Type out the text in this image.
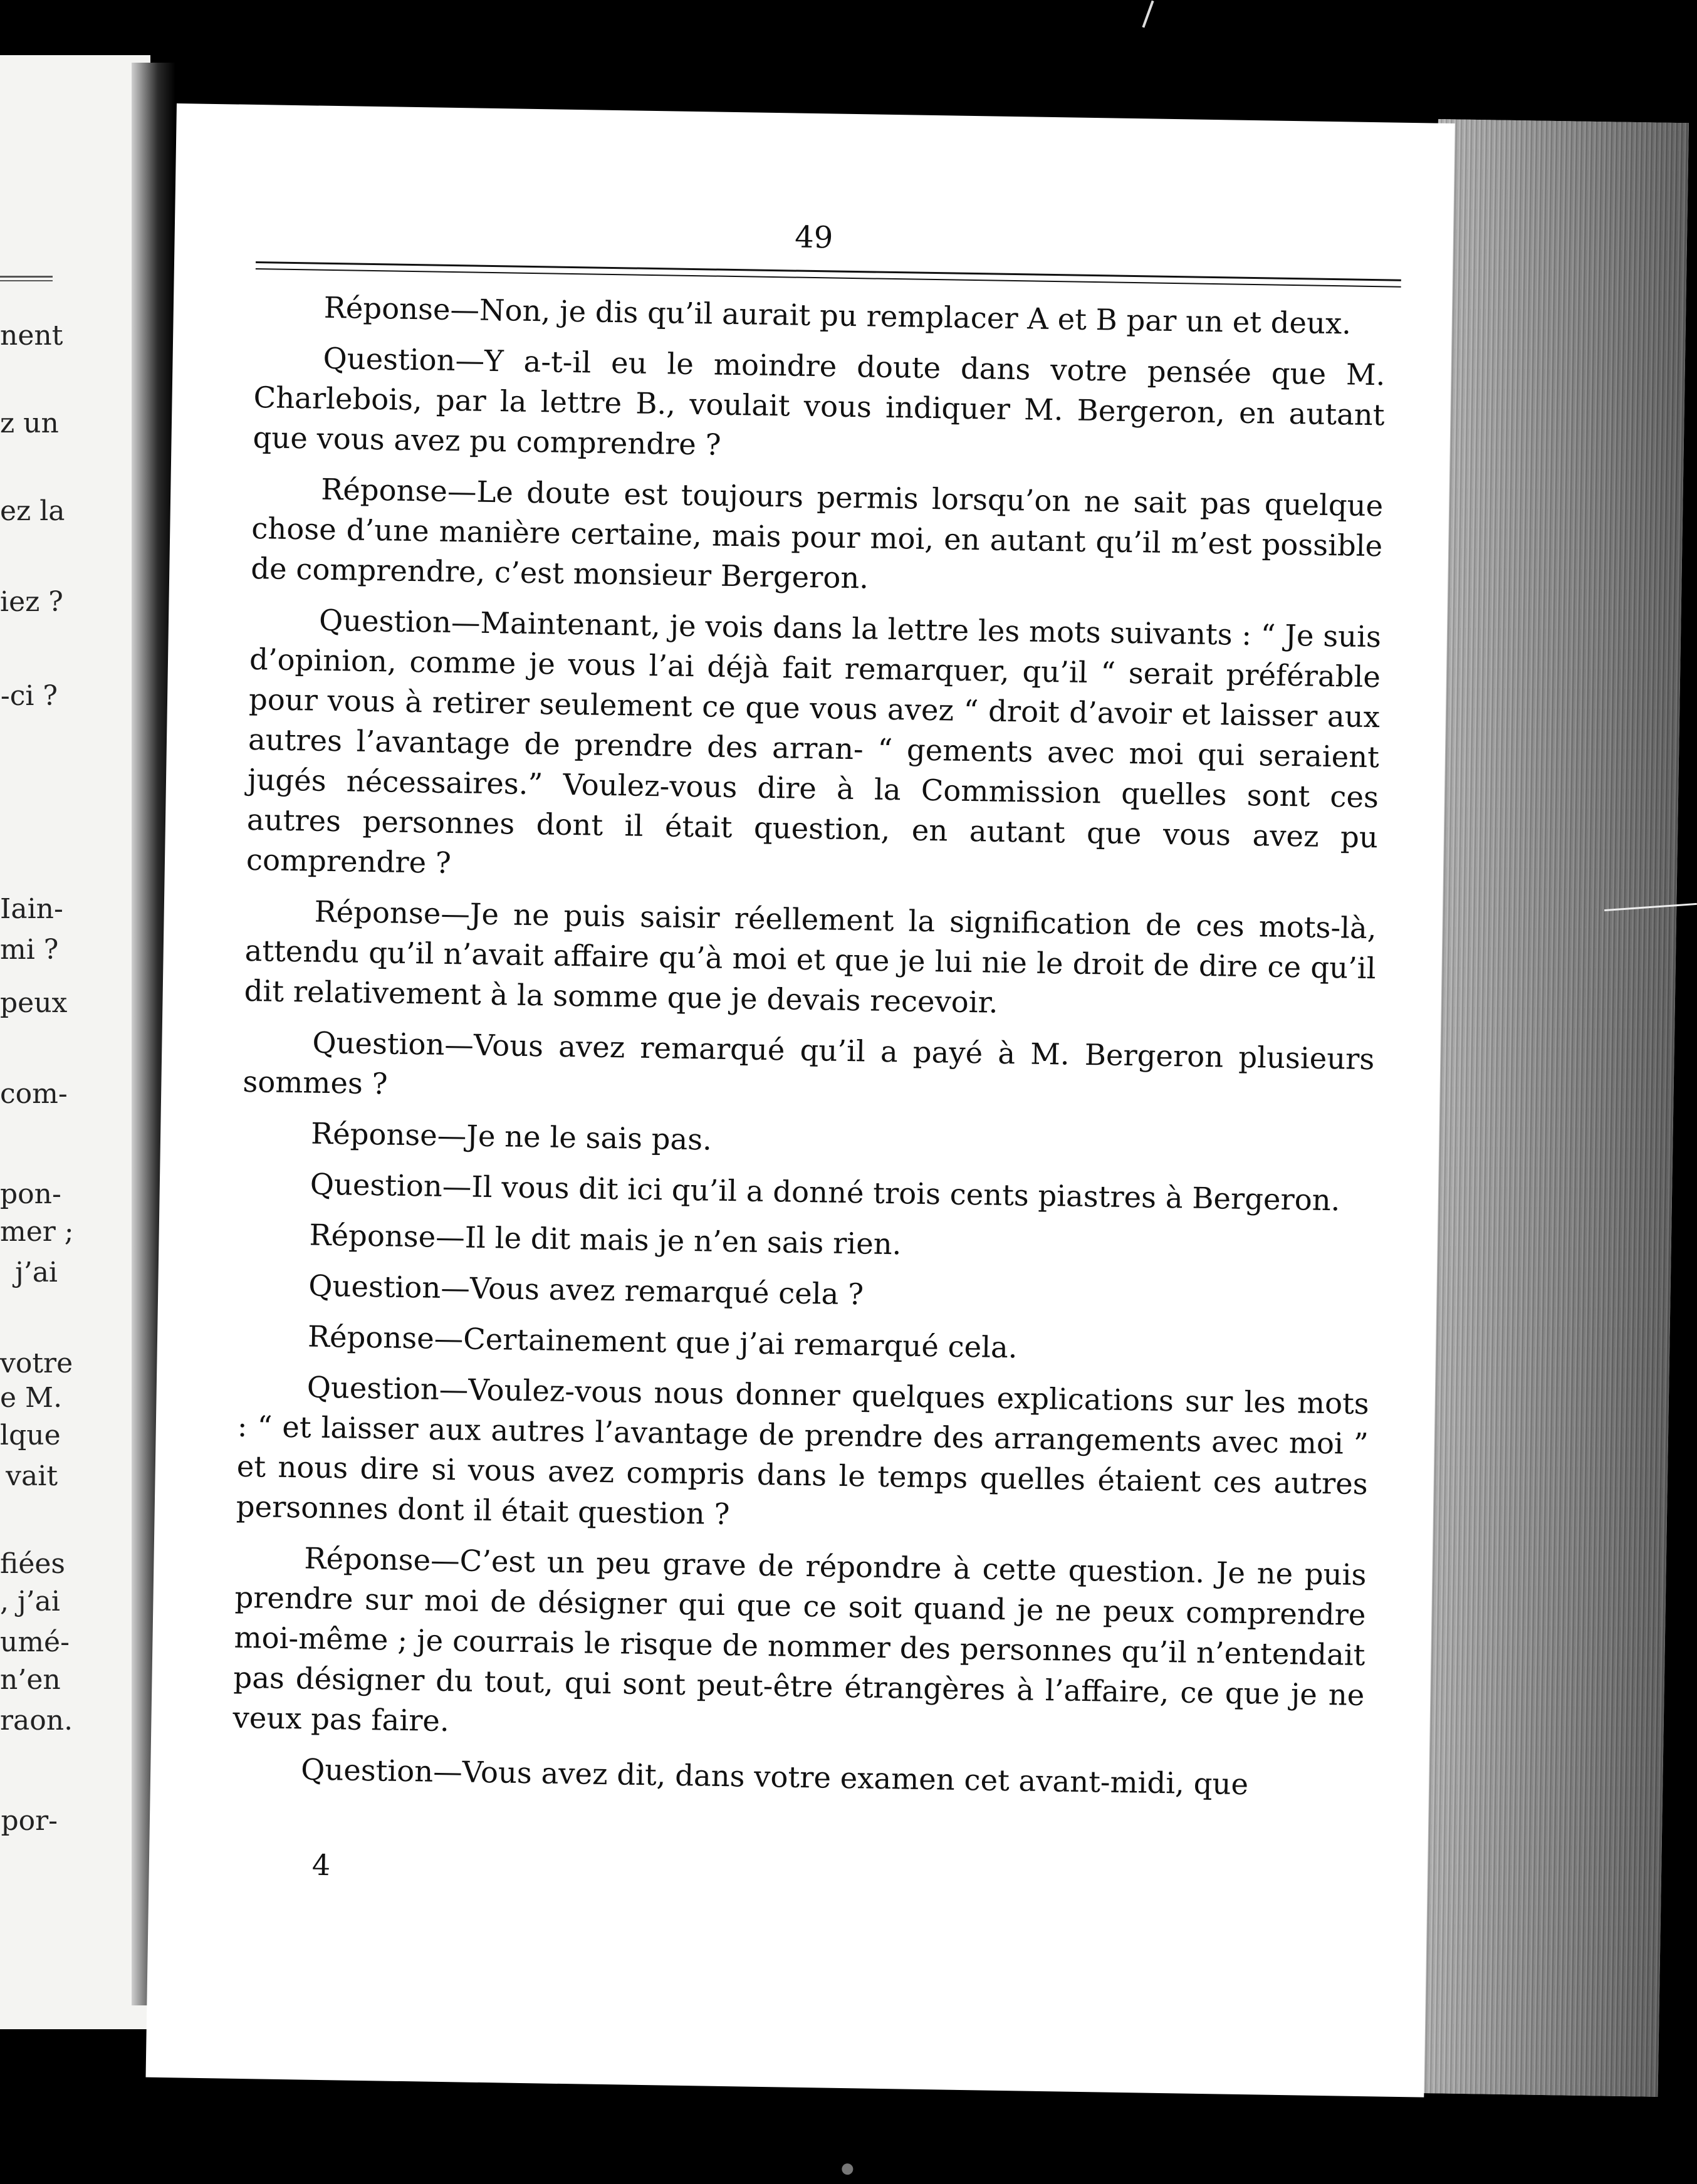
nent
z un
ez la
iez ?
-ci ?
Iain-
mi ?
peux
com-
pon-
mer ;
j’ai
votre
e M.
lque
vait
fiées
, j’ai
umé-
n’en
raon.
por-
49

Réponse—Non, je dis qu’il aurait pu remplacer A et B par un et deux.

Question—Y a-t-il eu le moindre doute dans votre pensée que M. Charlebois, par la lettre B., voulait vous indiquer M. Bergeron, en autant que vous avez pu comprendre ?

Réponse—Le doute est toujours permis lorsqu’on ne sait pas quelque chose d’une manière certaine, mais pour moi, en autant qu’il m’est possible de comprendre, c’est monsieur Bergeron.

Question—Maintenant, je vois dans la lettre les mots suivants : “ Je suis d’opinion, comme je vous l’ai déjà fait remarquer, qu’il “ serait préférable pour vous à retirer seulement ce que vous avez “ droit d’avoir et laisser aux autres l’avantage de prendre des arran- “ gements avec moi qui seraient jugés nécessaires.” Voulez-vous dire à la Commission quelles sont ces autres personnes dont il était question, en autant que vous avez pu comprendre ?

Réponse—Je ne puis saisir réellement la signification de ces mots-là, attendu qu’il n’avait affaire qu’à moi et que je lui nie le droit de dire ce qu’il dit relativement à la somme que je devais recevoir.

Question—Vous avez remarqué qu’il a payé à M. Bergeron plusieurs sommes ?

Réponse—Je ne le sais pas.

Question—Il vous dit ici qu’il a donné trois cents piastres à Bergeron.

Réponse—Il le dit mais je n’en sais rien.

Question—Vous avez remarqué cela ?

Réponse—Certainement que j’ai remarqué cela.

Question—Voulez-vous nous donner quelques explications sur les mots : “ et laisser aux autres l’avantage de prendre des arrangements avec moi ” et nous dire si vous avez compris dans le temps quelles étaient ces autres personnes dont il était question ?

Réponse—C’est un peu grave de répondre à cette question. Je ne puis prendre sur moi de désigner qui que ce soit quand je ne peux comprendre moi-même ; je courrais le risque de nommer des personnes qu’il n’entendait pas désigner du tout, qui sont peut-être étrangères à l’affaire, ce que je ne veux pas faire.

Question—Vous avez dit, dans votre examen cet avant-midi, que

4
